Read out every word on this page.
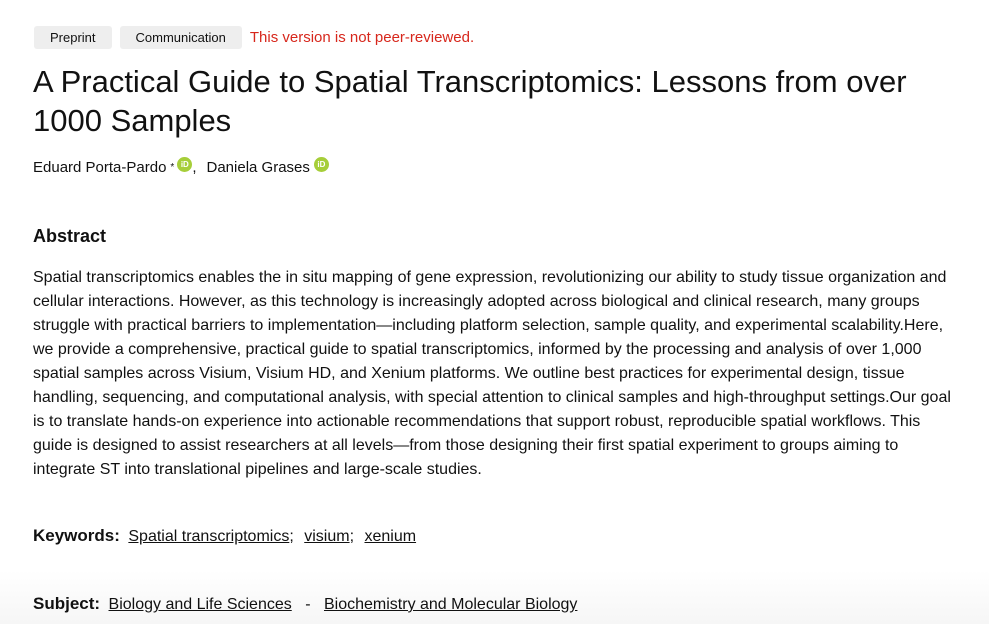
Preprint	Communication	This version is not peer-reviewed.
A Practical Guide to Spatial Transcriptomics: Lessons from over 1000 Samples
Eduard Porta-Pardo * iD , Daniela Grases iD
Abstract

Spatial transcriptomics enables the in situ mapping of gene expression, revolutionizing our ability to study tissue organization and cellular interactions. However, as this technology is increasingly adopted across biological and clinical research, many groups struggle with practical barriers to implementation—including platform selection, sample quality, and experimental scalability.Here, we provide a comprehensive, practical guide to spatial transcriptomics, informed by the processing and analysis of over 1,000 spatial samples across Visium, Visium HD, and Xenium platforms. We outline best practices for experimental design, tissue handling, sequencing, and computational analysis, with special attention to clinical samples and high-throughput settings.Our goal is to translate hands-on experience into actionable recommendations that support robust, reproducible spatial workflows. This guide is designed to assist researchers at all levels—from those designing their first spatial experiment to groups aiming to integrate ST into translational pipelines and large-scale studies.

Keywords: Spatial transcriptomics; visium; xenium
Subject: Biology and Life Sciences - Biochemistry and Molecular Biology
